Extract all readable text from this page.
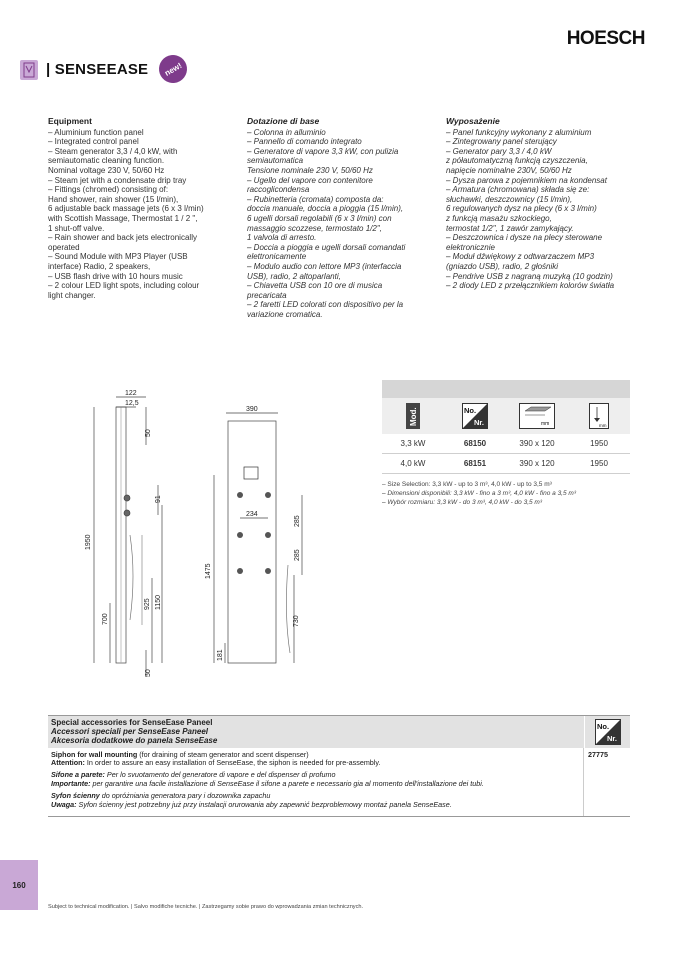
HOESCH
| SENSEEASE	new!
Equipment
– Aluminium function panel
– Integrated control panel
– Steam generator 3,3 / 4,0 kW, with
semiautomatic cleaning function.
Nominal voltage 230 V, 50/60 Hz
– Steam jet with a condensate drip tray
– Fittings (chromed) consisting of:
Hand shower, rain shower (15 l/min),
6 adjustable back massage jets (6 x 3 l/min)
with Scottish Massage, Thermostat 1 / 2 ",
1 shut-off valve.
– Rain shower and back jets electronically
operated
– Sound Module with MP3 Player (USB
interface) Radio, 2 speakers,
– USB flash drive with 10 hours music
– 2 colour LED light spots, including colour
light changer.
Dotazione di base
– Colonna in alluminio
– Pannello di comando integrato
– Generatore di vapore 3,3 kW, con pulizia
semiautomatica
Tensione nominale 230 V, 50/60 Hz
– Ugello del vapore con contenitore
raccoglicondensa
– Rubinetteria (cromata) composta da:
doccia manuale, doccia a pioggia (15 l/min),
6 ugelli dorsali regolabili (6 x 3 l/min) con
massaggio scozzese, termostato 1/2",
1 valvola di arresto.
– Doccia a pioggia e ugelli dorsali comandati
elettronicamente
– Modulo audio con lettore MP3 (interfaccia
USB), radio, 2 altoparlanti,
– Chiavetta USB con 10 ore di musica
precaricata
– 2 faretti LED colorati con dispositivo per la
variazione cromatica.
Wyposażenie
– Panel funkcyjny wykonany z aluminium
– Zintegrowany panel sterujący
– Generator pary 3,3 / 4,0 kW
z półautomatyczną funkcją czyszczenia,
napięcie nominalne 230V, 50/60 Hz
– Dysza parowa z pojemnikiem na kondensat
– Armatura (chromowana) składa się ze:
słuchawki, deszczownicy (15 l/min),
6 regulowanych dysz na plecy (6 x 3 l/min)
z funkcją masażu szkockiego,
termostat 1/2", 1 zawór zamykający.
– Deszczownica i dysze na plecy sterowane
elektronicznie
– Moduł dźwiękowy z odtwarzaczem MP3
(gniazdo USB), radio, 2 głośniki
– Pendrive USB z nagraną muzyką (10 godzin)
– 2 diody LED z przełącznikiem kolorów światła
122
12,5
50
91
1950
925 1150
700
50
390
234
285
285
1475
730
181
Mod.	No.
Nr.	mm	mm
3,3 kW	68150	390 x 120	1950
4,0 kW	68151	390 x 120	1950
– Size Selection: 3,3 kW - up to 3 m³, 4,0 kW - up to 3,5 m³
– Dimensioni disponibili: 3,3 kW - fino a 3 m³, 4,0 kW - fino a 3,5 m³
– Wybór rozmiaru: 3,3 kW - do 3 m³, 4,0 kW - do 3,5 m³
Special accessories for SenseEase Paneel
Accessori speciali per SenseEase Paneel
Akcesoria dodatkowe do panela SenseEase
No.
Nr.

Siphon for wall mounting (for draining of steam generator and scent dispenser)
Attention: In order to assure an easy installation of SenseEase, the siphon is needed for pre-assembly.

Sifone a parete: Per lo svuotamento del generatore di vapore e del dispenser di profumo
Importante: per garantire una facile installazione di SenseEase il sifone a parete e necessario gia al momento dell'installazione dei tubi.

Syfon ścienny do opróżniania generatora pary i dozownika zapachu
Uwaga: Syfon ścienny jest potrzebny już przy instalacji orurowania aby zapewnić bezproblemowy montaż panela SenseEase.

27775
160
Subject to technical modification. | Salvo modifiche tecniche. | Zastrzegamy sobie prawo do wprowadzania zmian technicznych.
